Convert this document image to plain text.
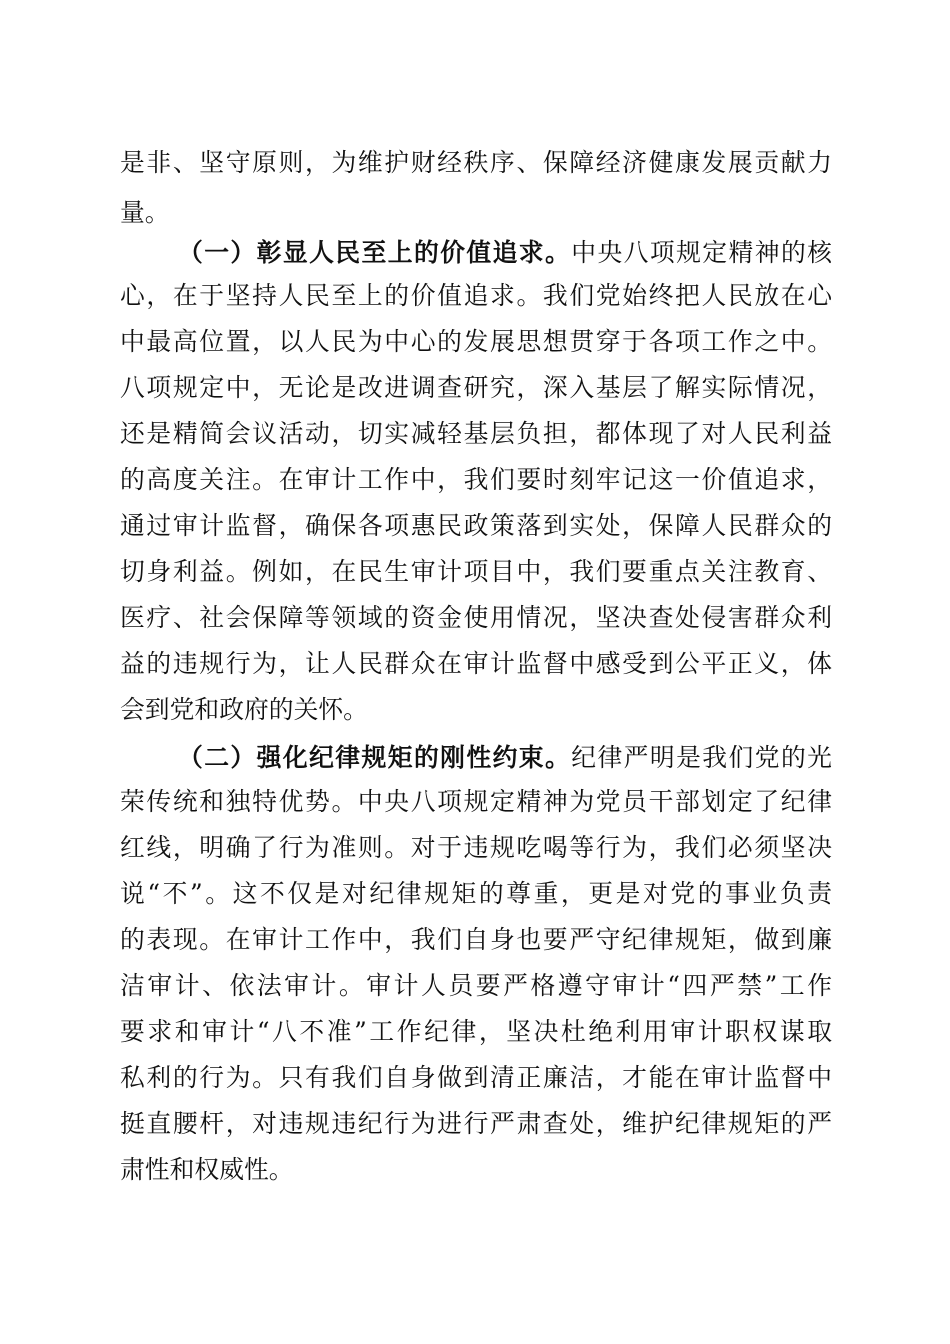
是非、坚守原则，为维护财经秩序、保障经济健康发展贡献力
量。
（一）彰显人民至上的价值追求。中央八项规定精神的核
心，在于坚持人民至上的价值追求。我们党始终把人民放在心
中最高位置，以人民为中心的发展思想贯穿于各项工作之中。
八项规定中，无论是改进调查研究，深入基层了解实际情况，
还是精简会议活动，切实减轻基层负担，都体现了对人民利益
的高度关注。在审计工作中，我们要时刻牢记这一价值追求，
通过审计监督，确保各项惠民政策落到实处，保障人民群众的
切身利益。例如，在民生审计项目中，我们要重点关注教育、
医疗、社会保障等领域的资金使用情况，坚决查处侵害群众利
益的违规行为，让人民群众在审计监督中感受到公平正义，体
会到党和政府的关怀。
（二）强化纪律规矩的刚性约束。纪律严明是我们党的光
荣传统和独特优势。中央八项规定精神为党员干部划定了纪律
红线，明确了行为准则。对于违规吃喝等行为，我们必须坚决
说“不”。这不仅是对纪律规矩的尊重，更是对党的事业负责
的表现。在审计工作中，我们自身也要严守纪律规矩，做到廉
洁审计、依法审计。审计人员要严格遵守审计“四严禁”工作
要求和审计“八不准”工作纪律，坚决杜绝利用审计职权谋取
私利的行为。只有我们自身做到清正廉洁，才能在审计监督中
挺直腰杆，对违规违纪行为进行严肃查处，维护纪律规矩的严
肃性和权威性。
